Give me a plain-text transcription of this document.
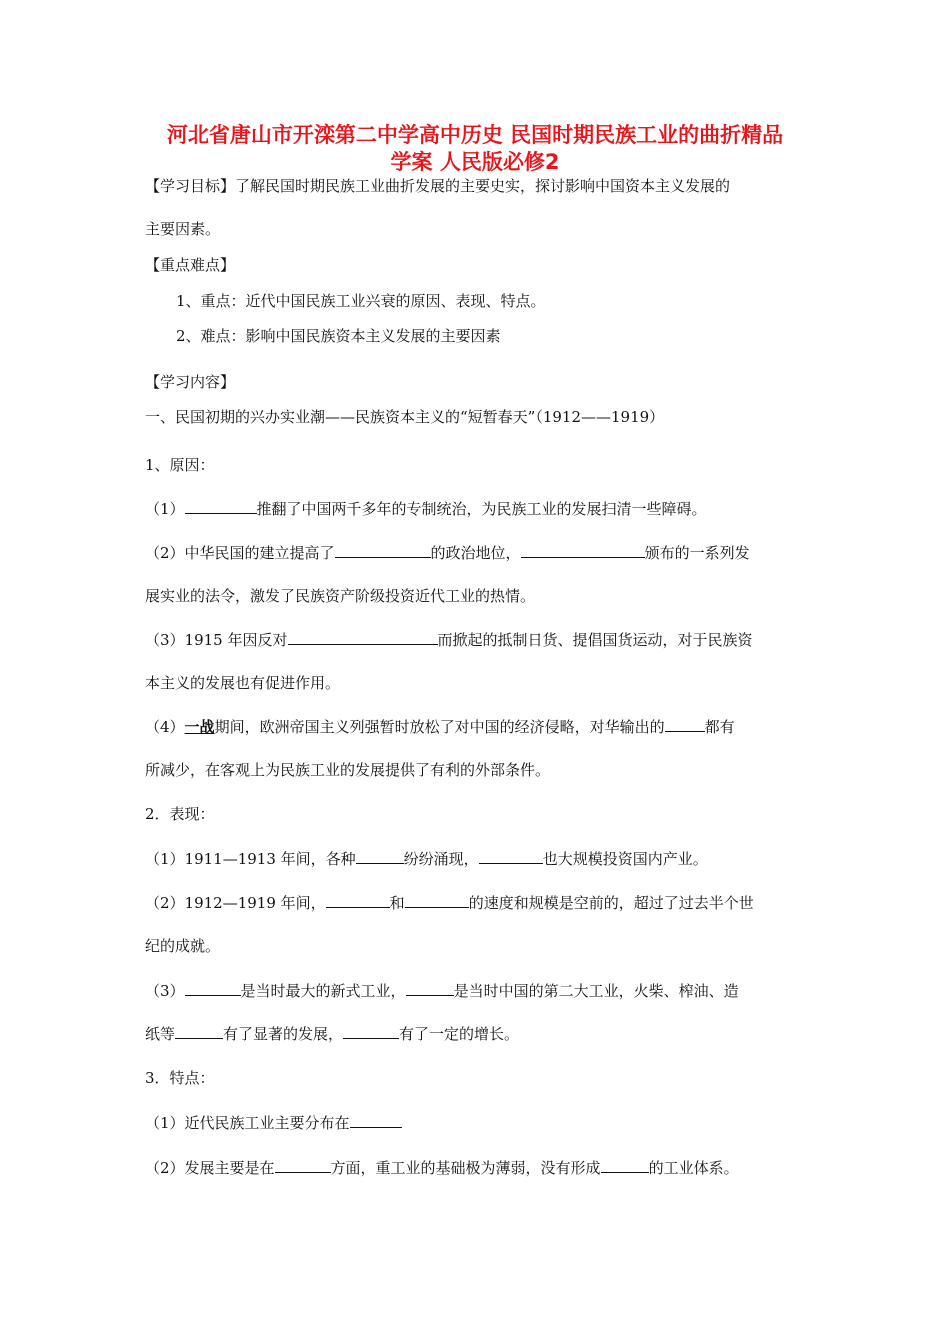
河北省唐山市开滦第二中学高中历史 民国时期民族工业的曲折精品
学案 人民版必修2
【学习目标】了解民国时期民族工业曲折发展的主要史实，探讨影响中国资本主义发展的
主要因素。
【重点难点】
1、重点：近代中国民族工业兴衰的原因、表现、特点。
2、难点：影响中国民族资本主义发展的主要因素
【学习内容】
一、民国初期的兴办实业潮——民族资本主义的“短暂春天”（1912——1919）
1、原因：
（1）	推翻了中国两千多年的专制统治，为民族工业的发展扫清一些障碍。
（2）中华民国的建立提高了	的政治地位，	颁布的一系列发
展实业的法令，激发了民族资产阶级投资近代工业的热情。
（3）1915 年因反对	而掀起的抵制日货、提倡国货运动，对于民族资
本主义的发展也有促进作用。
（4）一战期间，欧洲帝国主义列强暂时放松了对中国的经济侵略，对华输出的	都有
所减少，在客观上为民族工业的发展提供了有利的外部条件。
2．表现：
（1）1911—1913 年间，各种	纷纷涌现，	也大规模投资国内产业。
（2）1912—1919 年间，	和	的速度和规模是空前的，超过了过去半个世
纪的成就。
（3）	是当时最大的新式工业，	是当时中国的第二大工业，火柴、榨油、造
纸等	有了显著的发展，	有了一定的增长。
3．特点：
（1）近代民族工业主要分布在
（2）发展主要是在	方面，重工业的基础极为薄弱，没有形成	的工业体系。
